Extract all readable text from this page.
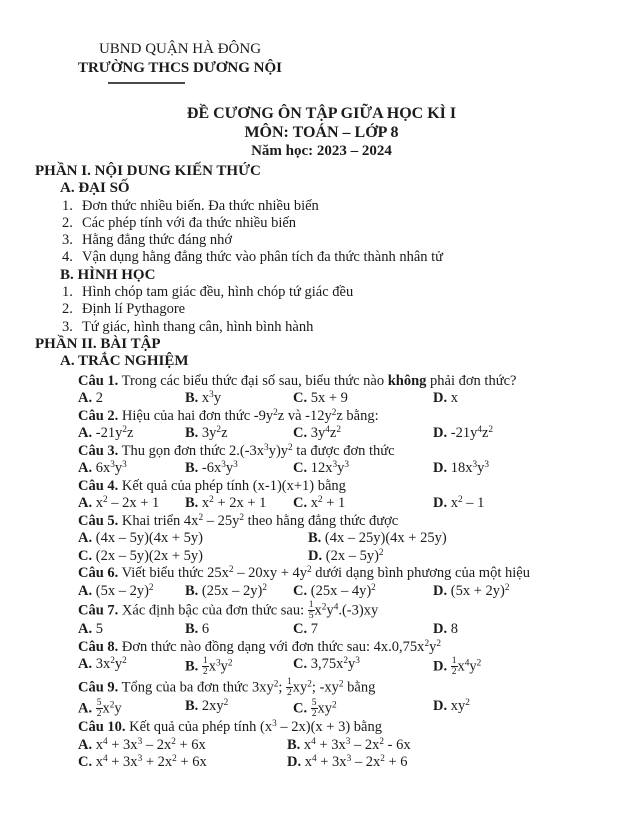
UBND QUẬN HÀ ĐÔNG
TRƯỜNG THCS DƯƠNG NỘI
ĐỀ CƯƠNG ÔN TẬP GIỮA HỌC KÌ I
MÔN: TOÁN – LỚP 8
Năm học: 2023 – 2024
PHẦN I. NỘI DUNG KIẾN THỨC
A. ĐẠI SỐ
1. Đơn thức nhiều biến. Đa thức nhiều biến
2. Các phép tính với đa thức nhiều biến
3. Hằng đẳng thức đáng nhớ
4. Vận dụng hằng đẳng thức vào phân tích đa thức thành nhân tử
B. HÌNH HỌC
1. Hình chóp tam giác đều, hình chóp tứ giác đều
2. Định lí Pythagore
3. Tứ giác, hình thang cân, hình bình hành
PHẦN II. BÀI TẬP
A. TRẮC NGHIỆM
Câu 1. Trong các biểu thức đại số sau, biểu thức nào không phải đơn thức?
A. 2	B. $x^3y$	C. 5x + 9	D. x
Câu 2. Hiệu của hai đơn thức $-9y^2z$ và $-12y^2z$ bằng:
A. $-21y^2z$	B. $3y^2z$	C. $3y^4z^2$	D. $-21y^4z^2$
Câu 3. Thu gọn đơn thức $2.(-3x^3y)y^2$ ta được đơn thức
A. $6x^3y^3$	B. $-6x^3y^3$	C. $12x^3y^3$	D. $18x^3y^3$
Câu 4. Kết quả của phép tính (x-1)(x+1) bằng
A. $x^2 - 2x + 1$	B. $x^2 + 2x + 1$	C. $x^2 + 1$	D. $x^2 - 1$
Câu 5. Khai triển $4x^2 - 25y^2$ theo hằng đẳng thức được
A. (4x – 5y)(4x + 5y)	B. (4x – 25y)(4x + 25y)
C. (2x – 5y)(2x + 5y)	D. (2x – 5y)$^2$
Câu 6. Viết biểu thức $25x^2 - 20xy + 4y^2$ dưới dạng bình phương của một hiệu
A. (5x – 2y)$^2$	B. (25x – 2y)$^2$	C. (25x – 4y)$^2$	D. $(5x + 2y)^2$
Câu 7. Xác định bậc của đơn thức sau: $\frac{1}{5} x^2y^4.(-3)xy$
A. 5	B. 6	C. 7	D. 8
Câu 8. Đơn thức nào đồng dạng với đơn thức sau: $4x.0,75x^2y^2$
A. $3x^2y^2$	B. $\frac{1}{2} x^3y^2$	C. $3,75x^2y^3$	D. $\frac{1}{2} x^4y^2$
Câu 9. Tổng của ba đơn thức $3xy^2$; $\frac{1}{2} xy^2$; $-xy^2$ bằng
A. $\frac{5}{2} x^2y$	B. $2xy^2$	C. $\frac{5}{2} xy^2$	D. $xy^2$
Câu 10. Kết quả của phép tính $(x^3 - 2x)(x + 3)$ bằng
A. $x^4 + 3x^3 - 2x^2 + 6x$	B. $x^4 + 3x^3 - 2x^2 - 6x$
C. $x^4 + 3x^3 + 2x^2 + 6x$	D. $x^4 + 3x^3 - 2x^2 + 6$
